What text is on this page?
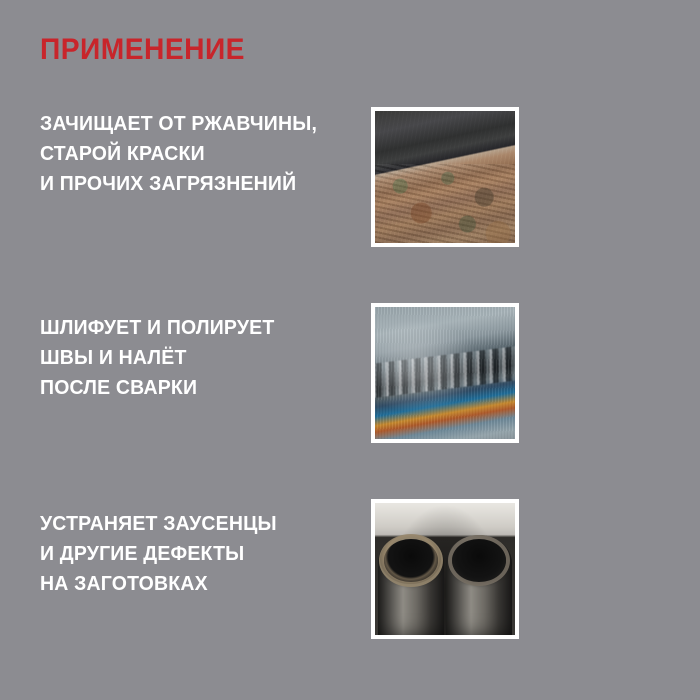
ПРИМЕНЕНИЕ
ЗАЧИЩАЕТ ОТ РЖАВЧИНЫ,
СТАРОЙ КРАСКИ
И ПРОЧИХ ЗАГРЯЗНЕНИЙ
ШЛИФУЕТ И ПОЛИРУЕТ
ШВЫ И НАЛЁТ
ПОСЛЕ СВАРКИ
УСТРАНЯЕТ ЗАУСЕНЦЫ
И ДРУГИЕ ДЕФЕКТЫ
НА ЗАГОТОВКАХ
